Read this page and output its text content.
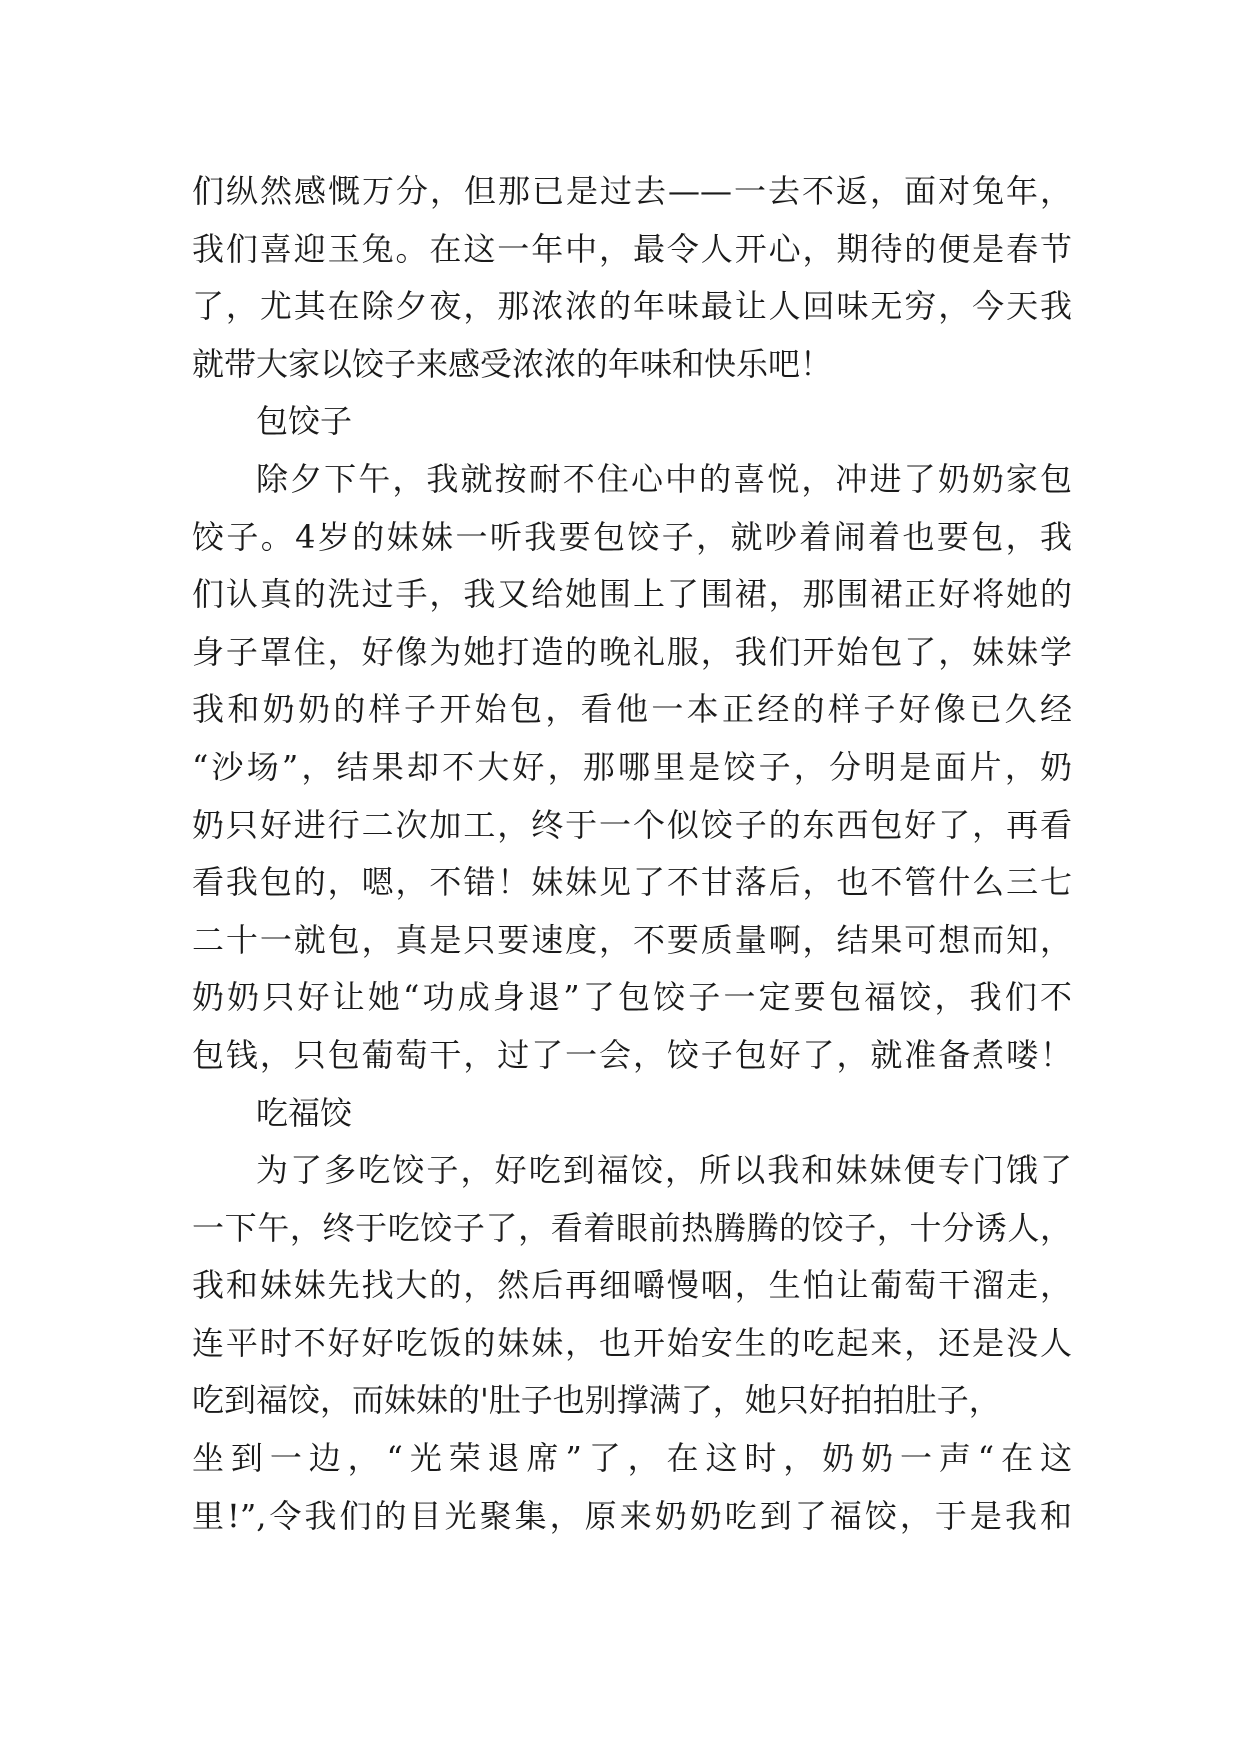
们纵然感慨万分，但那已是过去——一去不返，面对兔年，
我们喜迎玉兔。在这一年中，最令人开心，期待的便是春节
了，尤其在除夕夜，那浓浓的年味最让人回味无穷，今天我
就带大家以饺子来感受浓浓的年味和快乐吧！
包饺子
除夕下午，我就按耐不住心中的喜悦，冲进了奶奶家包
饺子。4岁的妹妹一听我要包饺子，就吵着闹着也要包，我
们认真的洗过手，我又给她围上了围裙，那围裙正好将她的
身子罩住，好像为她打造的晚礼服，我们开始包了，妹妹学
我和奶奶的样子开始包，看他一本正经的样子好像已久经
“沙场”，结果却不大好，那哪里是饺子，分明是面片，奶
奶只好进行二次加工，终于一个似饺子的东西包好了，再看
看我包的，嗯，不错！妹妹见了不甘落后，也不管什么三七
二十一就包，真是只要速度，不要质量啊，结果可想而知，
奶奶只好让她“功成身退”了包饺子一定要包福饺，我们不
包钱，只包葡萄干，过了一会，饺子包好了，就准备煮喽！
吃福饺
为了多吃饺子，好吃到福饺，所以我和妹妹便专门饿了
一下午，终于吃饺子了，看着眼前热腾腾的饺子，十分诱人，
我和妹妹先找大的，然后再细嚼慢咽，生怕让葡萄干溜走，
连平时不好好吃饭的妹妹，也开始安生的吃起来，还是没人
吃到福饺，而妹妹的'肚子也别撑满了，她只好拍拍肚子，
坐到一边，“光荣退席”了，在这时，奶奶一声“在这
里!”,令我们的目光聚集，原来奶奶吃到了福饺，于是我和
